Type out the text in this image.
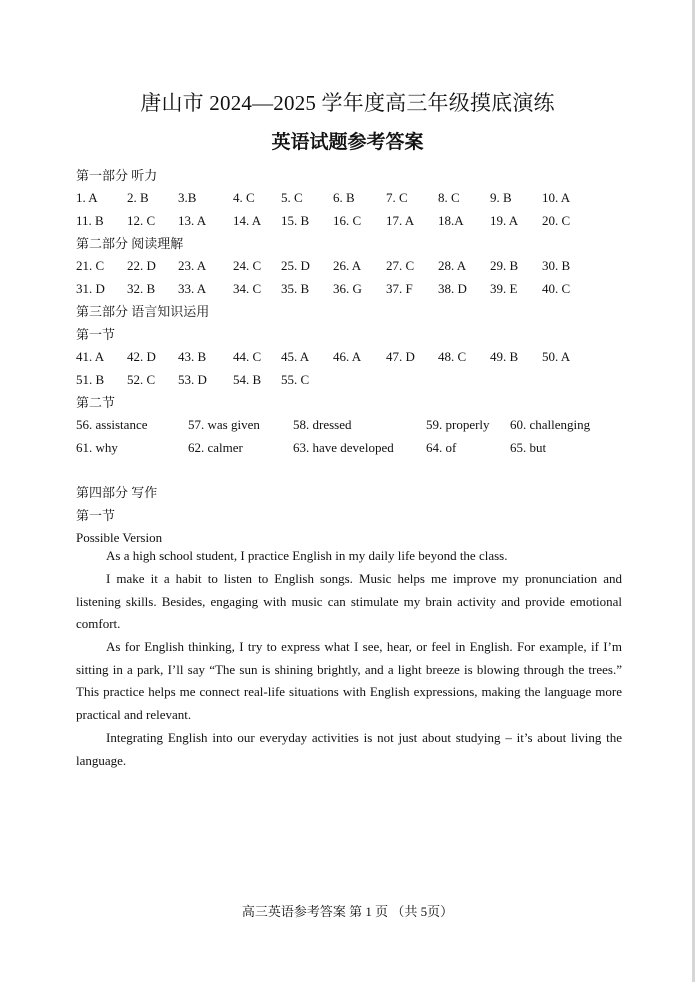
唐山市 2024—2025 学年度高三年级摸底演练
英语试题参考答案
第一部分 听力
1. A 2. B 3.B	4. C 5. C 6. B 7. C 8. C 9. B 10. A
11. B 12. C 13. A 14. A 15. B 16. C 17. A 18.A 19. A 20. C
第二部分 阅读理解
21. C 22. D 23. A 24. C 25. D 26. A 27. C 28. A 29. B 30. B
31. D 32. B 33. A 34. C 35. B 36. G 37. F 38. D 39. E 40. C
第三部分 语言知识运用
第一节
41. A 42. D 43. B 44. C 45. A 46. A 47. D 48. C 49. B 50. A
51. B 52. C 53. D 54. B 55. C
第二节
56. assistance	57. was given	58. dressed	59. properly 60. challenging
61. why	62. calmer	63. have developed 64. of	65. but
第四部分 写作
第一节
Possible Version
As a high school student, I practice English in my daily life beyond the class.
I make it a habit to listen to English songs. Music helps me improve my pronunciation and listening skills. Besides, engaging with music can stimulate my brain activity and provide emotional comfort.
As for English thinking, I try to express what I see, hear, or feel in English. For example, if I’m sitting in a park, I’ll say “The sun is shining brightly, and a light breeze is blowing through the trees.” This practice helps me connect real-life situations with English expressions, making the language more practical and relevant.
Integrating English into our everyday activities is not just about studying – it’s about living the language.
高三英语参考答案 第 1 页 （共 5页）
